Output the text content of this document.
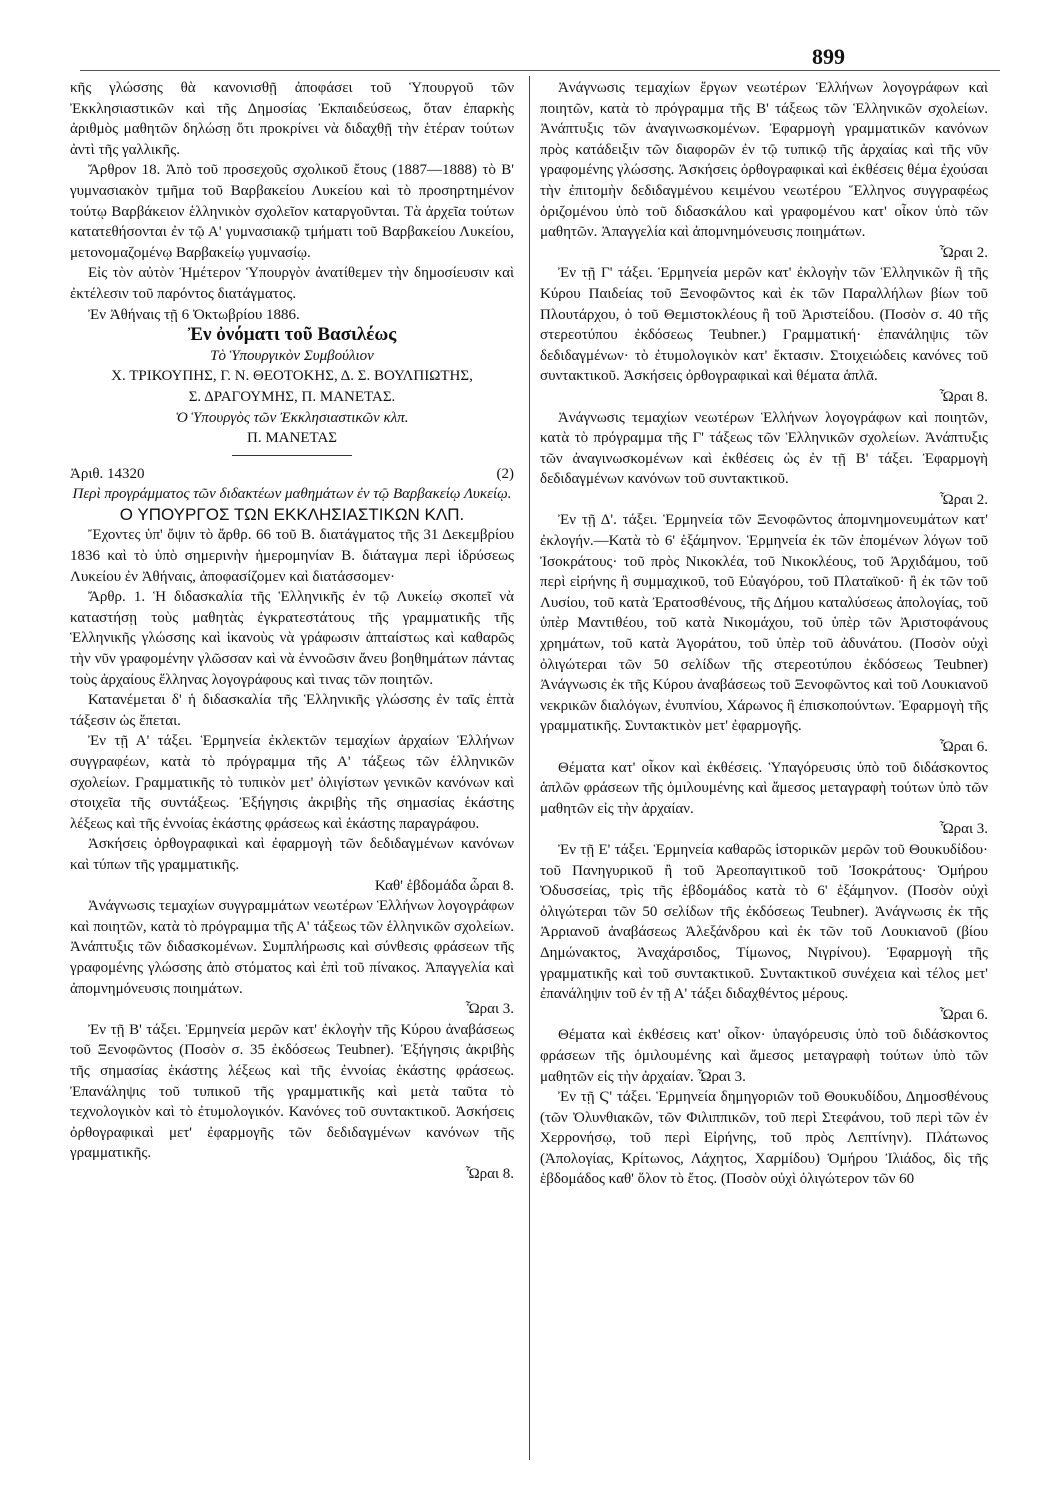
899

κῆς γλώσσης θὰ κανονισθῇ ἀποφάσει τοῦ Ὑπουργοῦ τῶν Ἐκκλησιαστικῶν καὶ τῆς Δημοσίας Ἐκπαιδεύσεως, ὅταν ἐπαρκὴς ἀριθμὸς μαθητῶν δηλώσῃ ὅτι προκρίνει νὰ διδαχθῇ τὴν ἑτέραν τούτων ἀντὶ τῆς γαλλικῆς.

Ἄρθρον 18. Ἀπὸ τοῦ προσεχοῦς σχολικοῦ ἔτους (1887—1888) τὸ Β' γυμνασιακὸν τμῆμα τοῦ Βαρβακείου Λυκείου καὶ τὸ προσηρτημένον τούτῳ Βαρβάκειον ἑλληνικὸν σχολεῖον καταργοῦνται. Τὰ ἀρχεῖα τούτων κατατεθήσονται ἐν τῷ Α' γυμνασιακῷ τμήματι τοῦ Βαρβακείου Λυκείου, μετονομαζομένῳ Βαρβακείῳ γυμνασίῳ.

Εἰς τὸν αὐτὸν Ἡμέτερον Ὑπουργὸν ἀνατίθεμεν τὴν δημοσίευσιν καὶ ἐκτέλεσιν τοῦ παρόντος διατάγματος.

Ἐν Ἀθήναις τῇ 6 Ὀκτωβρίου 1886.

Ἐν ὀνόματι τοῦ Βασιλέως

Τὸ Ὑπουργικὸν Συμβούλιον

Χ. ΤΡΙΚΟΥΠΗΣ, Γ. Ν. ΘΕΟΤΟΚΗΣ, Δ. Σ. ΒΟΥΛΠΙΩΤΗΣ,

Σ. ΔΡΑΓΟΥΜΗΣ, Π. ΜΑΝΕΤΑΣ.

Ὁ Ὑπουργὸς τῶν Ἐκκλησιαστικῶν κλπ.

Π. ΜΑΝΕΤΑΣ

Ἀριθ. 14320	(2)

Περὶ προγράμματος τῶν διδακτέων μαθημάτων ἐν τῷ Βαρβακείῳ Λυκείῳ.

Ο ΥΠΟΥΡΓΟΣ ΤΩΝ ΕΚΚΛΗΣΙΑΣΤΙΚΩΝ ΚΛΠ.

Ἔχοντες ὑπ' ὄψιν τὸ ἄρθρ. 66 τοῦ Β. διατάγματος τῆς 31 Δεκεμβρίου 1836 καὶ τὸ ὑπὸ σημερινὴν ἡμερομηνίαν Β. διάταγμα περὶ ἱδρύσεως Λυκείου ἐν Ἀθήναις, ἀποφασίζομεν καὶ διατάσσομεν·

Ἄρθρ. 1. Ἡ διδασκαλία τῆς Ἑλληνικῆς ἐν τῷ Λυκείῳ σκοπεῖ νὰ καταστήσῃ τοὺς μαθητὰς ἐγκρατεστάτους τῆς γραμματικῆς τῆς Ἑλληνικῆς γλώσσης καὶ ἱκανοὺς νὰ γράφωσιν ἀπταίστως καὶ καθαρῶς τὴν νῦν γραφομένην γλῶσσαν καὶ νὰ ἐννοῶσιν ἄνευ βοηθημάτων πάντας τοὺς ἀρχαίους ἕλληνας λογογράφους καὶ τινας τῶν ποιητῶν.

Κατανέμεται δ' ἡ διδασκαλία τῆς Ἑλληνικῆς γλώσσης ἐν ταῖς ἑπτὰ τάξεσιν ὡς ἕπεται.

Ἐν τῇ Α' τάξει. Ἑρμηνεία ἐκλεκτῶν τεμαχίων ἀρχαίων Ἑλλήνων συγγραφέων, κατὰ τὸ πρόγραμμα τῆς Α' τάξεως τῶν ἑλληνικῶν σχολείων. Γραμματικῆς τὸ τυπικὸν μετ' ὀλιγίστων γενικῶν κανόνων καὶ στοιχεῖα τῆς συντάξεως. Ἐξήγησις ἀκριβὴς τῆς σημασίας ἑκάστης λέξεως καὶ τῆς ἐννοίας ἑκάστης φράσεως καὶ ἑκάστης παραγράφου.

Ἀσκήσεις ὀρθογραφικαὶ καὶ ἐφαρμογὴ τῶν δεδιδαγμένων κανόνων καὶ τύπων τῆς γραμματικῆς.

Καθ' ἑβδομάδα ὧραι 8.

Ἀνάγνωσις τεμαχίων συγγραμμάτων νεωτέρων Ἑλλήνων λογογράφων καὶ ποιητῶν, κατὰ τὸ πρόγραμμα τῆς Α' τάξεως τῶν ἑλληνικῶν σχολείων. Ἀνάπτυξις τῶν διδασκομένων. Συμπλήρωσις καὶ σύνθεσις φράσεων τῆς γραφομένης γλώσσης ἀπὸ στόματος καὶ ἐπὶ τοῦ πίνακος. Ἀπαγγελία καὶ ἀπομνημόνευσις ποιημάτων.

Ὧραι 3.

Ἐν τῇ Β' τάξει. Ἑρμηνεία μερῶν κατ' ἐκλογὴν τῆς Κύρου ἀναβάσεως τοῦ Ξενοφῶντος (Ποσὸν σ. 35 ἐκδόσεως Teubner). Ἐξήγησις ἀκριβὴς τῆς σημασίας ἑκάστης λέξεως καὶ τῆς ἐννοίας ἑκάστης φράσεως. Ἐπανάληψις τοῦ τυπικοῦ τῆς γραμματικῆς καὶ μετὰ ταῦτα τὸ τεχνολογικὸν καὶ τὸ ἐτυμολογικόν. Κανόνες τοῦ συντακτικοῦ. Ἀσκήσεις ὀρθογραφικαὶ μετ' ἐφαρμογῆς τῶν δεδιδαγμένων κανόνων τῆς γραμματικῆς.

Ὧραι 8.

Ἀνάγνωσις τεμαχίων ἔργων νεωτέρων Ἑλλήνων λογογράφων καὶ ποιητῶν, κατὰ τὸ πρόγραμμα τῆς Β' τάξεως τῶν Ἑλληνικῶν σχολείων. Ἀνάπτυξις τῶν ἀναγινωσκομένων. Ἐφαρμογὴ γραμματικῶν κανόνων πρὸς κατάδειξιν τῶν διαφορῶν ἐν τῷ τυπικῷ τῆς ἀρχαίας καὶ τῆς νῦν γραφομένης γλώσσης. Ἀσκήσεις ὀρθογραφικαὶ καὶ ἐκθέσεις θέμα ἐχούσαι τὴν ἐπιτομὴν δεδιδαγμένου κειμένου νεωτέρου Ἕλληνος συγγραφέως ὁριζομένου ὑπὸ τοῦ διδασκάλου καὶ γραφομένου κατ' οἶκον ὑπὸ τῶν μαθητῶν. Ἀπαγγελία καὶ ἀπομνημόνευσις ποιημάτων.

Ὧραι 2.

Ἐν τῇ Γ' τάξει. Ἑρμηνεία μερῶν κατ' ἐκλογὴν τῶν Ἑλληνικῶν ἢ τῆς Κύρου Παιδείας τοῦ Ξενοφῶντος καὶ ἐκ τῶν Παραλλήλων βίων τοῦ Πλουτάρχου, ὁ τοῦ Θεμιστοκλέους ἢ τοῦ Ἀριστείδου. (Ποσὸν σ. 40 τῆς στερεοτύπου ἐκδόσεως Teubner.) Γραμματική· ἐπανάληψις τῶν δεδιδαγμένων· τὸ ἐτυμολογικὸν κατ' ἔκτασιν. Στοιχειώδεις κανόνες τοῦ συντακτικοῦ. Ἀσκήσεις ὀρθογραφικαὶ καὶ θέματα ἁπλᾶ.

Ὧραι 8.

Ἀνάγνωσις τεμαχίων νεωτέρων Ἑλλήνων λογογράφων καὶ ποιητῶν, κατὰ τὸ πρόγραμμα τῆς Γ' τάξεως τῶν Ἑλληνικῶν σχολείων. Ἀνάπτυξις τῶν ἀναγινωσκομένων καὶ ἐκθέσεις ὡς ἐν τῇ Β' τάξει. Ἐφαρμογὴ δεδιδαγμένων κανόνων τοῦ συντακτικοῦ.

Ὧραι 2.

Ἐν τῇ Δ'. τάξει. Ἑρμηνεία τῶν Ξενοφῶντος ἀπομνημονευμάτων κατ' ἐκλογήν.—Κατὰ τὸ 6' ἑξάμηνον. Ἑρμηνεία ἐκ τῶν ἑπομένων λόγων τοῦ Ἰσοκράτους· τοῦ πρὸς Νικοκλέα, τοῦ Νικοκλέους, τοῦ Ἀρχιδάμου, τοῦ περὶ εἰρήνης ἢ συμμαχικοῦ, τοῦ Εὐαγόρου, τοῦ Πλαταϊκοῦ· ἢ ἐκ τῶν τοῦ Λυσίου, τοῦ κατὰ Ἐρατοσθένους, τῆς Δήμου καταλύσεως ἀπολογίας, τοῦ ὑπὲρ Μαντιθέου, τοῦ κατὰ Νικομάχου, τοῦ ὑπὲρ τῶν Ἀριστοφάνους χρημάτων, τοῦ κατὰ Ἀγοράτου, τοῦ ὑπὲρ τοῦ ἀδυνάτου. (Ποσὸν οὐχὶ ὀλιγώτεραι τῶν 50 σελίδων τῆς στερεοτύπου ἐκδόσεως Teubner) Ἀνάγνωσις ἐκ τῆς Κύρου ἀναβάσεως τοῦ Ξενοφῶντος καὶ τοῦ Λουκιανοῦ νεκρικῶν διαλόγων, ἐνυπνίου, Χάρωνος ἢ ἐπισκοπούντων. Ἐφαρμογὴ τῆς γραμματικῆς. Συντακτικὸν μετ' ἐφαρμογῆς.

Ὧραι 6.

Θέματα κατ' οἶκον καὶ ἐκθέσεις. Ὑπαγόρευσις ὑπὸ τοῦ διδάσκοντος ἁπλῶν φράσεων τῆς ὁμιλουμένης καὶ ἄμεσος μεταγραφὴ τούτων ὑπὸ τῶν μαθητῶν εἰς τὴν ἀρχαίαν.

Ὧραι 3.

Ἐν τῇ Ε' τάξει. Ἑρμηνεία καθαρῶς ἱστορικῶν μερῶν τοῦ Θουκυδίδου· τοῦ Πανηγυρικοῦ ἢ τοῦ Ἀρεοπαγιτικοῦ τοῦ Ἰσοκράτους· Ὁμήρου Ὀδυσσείας, τρὶς τῆς ἑβδομάδος κατὰ τὸ 6' ἑξάμηνον. (Ποσὸν οὐχὶ ὀλιγώτεραι τῶν 50 σελίδων τῆς ἐκδόσεως Teubner). Ἀνάγνωσις ἐκ τῆς Ἀρριανοῦ ἀναβάσεως Ἀλεξάνδρου καὶ ἐκ τῶν τοῦ Λουκιανοῦ (βίου Δημώνακτος, Ἀναχάρσιδος, Τίμωνος, Νιγρίνου). Ἐφαρμογὴ τῆς γραμματικῆς καὶ τοῦ συντακτικοῦ. Συντακτικοῦ συνέχεια καὶ τέλος μετ' ἐπανάληψιν τοῦ ἐν τῇ Α' τάξει διδαχθέντος μέρους.

Ὧραι 6.

Θέματα καὶ ἐκθέσεις κατ' οἶκον· ὑπαγόρευσις ὑπὸ τοῦ διδάσκοντος φράσεων τῆς ὁμιλουμένης καὶ ἄμεσος μεταγραφὴ τούτων ὑπὸ τῶν μαθητῶν εἰς τὴν ἀρχαίαν. Ὧραι 3.

Ἐν τῇ Ϛ' τάξει. Ἑρμηνεία δημηγοριῶν τοῦ Θουκυδίδου, Δημοσθένους (τῶν Ὀλυνθιακῶν, τῶν Φιλιππικῶν, τοῦ περὶ Στεφάνου, τοῦ περὶ τῶν ἐν Χερρονήσῳ, τοῦ περὶ Εἰρήνης, τοῦ πρὸς Λεπτίνην). Πλάτωνος (Ἀπολογίας, Κρίτωνος, Λάχητος, Χαρμίδου) Ὁμήρου Ἰλιάδος, δὶς τῆς ἑβδομάδος καθ' ὅλον τὸ ἔτος. (Ποσὸν οὐχὶ ὀλιγώτερον τῶν 60
